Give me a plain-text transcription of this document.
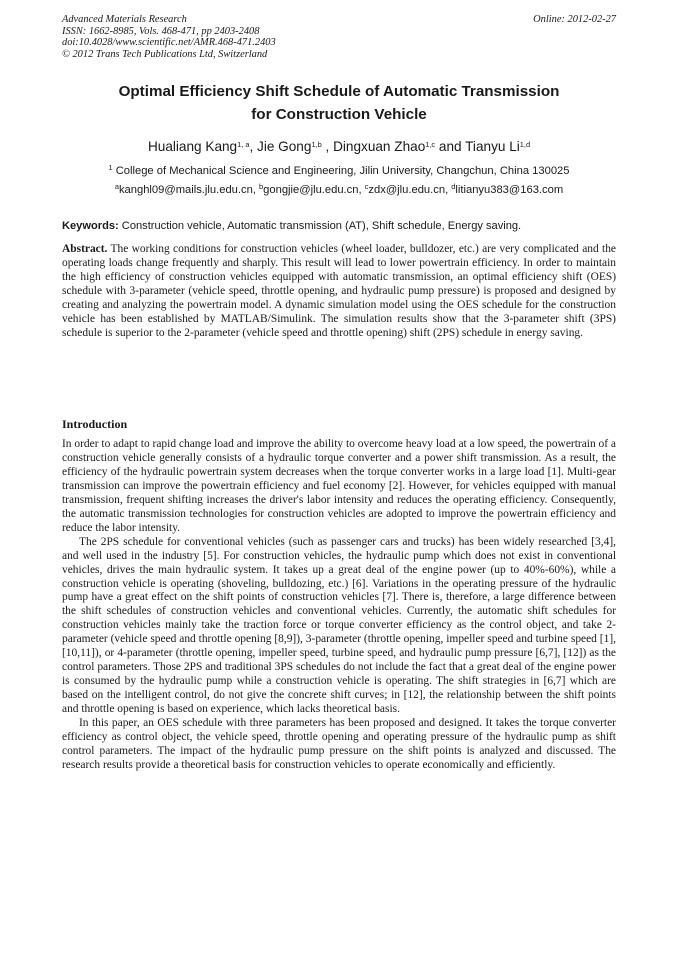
Advanced Materials Research
ISSN: 1662-8985, Vols. 468-471, pp 2403-2408
doi:10.4028/www.scientific.net/AMR.468-471.2403
© 2012 Trans Tech Publications Ltd, Switzerland
Online: 2012-02-27
Optimal Efficiency Shift Schedule of Automatic Transmission
for Construction Vehicle
Hualiang Kang$^{1, a}$, Jie Gong$^{1,b}$ , Dingxuan Zhao$^{1,c}$ and Tianyu Li$^{1,d}$
$^1$ College of Mechanical Science and Engineering, Jilin University, Changchun, China 130025
$^a$kanghl09@mails.jlu.edu.cn, $^b$gongjie@jlu.edu.cn, $^c$zdx@jlu.edu.cn, $^d$litianyu383@163.com
Keywords: Construction vehicle, Automatic transmission (AT), Shift schedule, Energy saving.
Abstract. The working conditions for construction vehicles (wheel loader, bulldozer, etc.) are very complicated and the operating loads change frequently and sharply. This result will lead to lower powertrain efficiency. In order to maintain the high efficiency of construction vehicles equipped with automatic transmission, an optimal efficiency shift (OES) schedule with 3-parameter (vehicle speed, throttle opening, and hydraulic pump pressure) is proposed and designed by creating and analyzing the powertrain model. A dynamic simulation model using the OES schedule for the construction vehicle has been established by MATLAB/Simulink. The simulation results show that the 3-parameter shift (3PS) schedule is superior to the 2-parameter (vehicle speed and throttle opening) shift (2PS) schedule in energy saving.
Introduction

In order to adapt to rapid change load and improve the ability to overcome heavy load at a low speed, the powertrain of a construction vehicle generally consists of a hydraulic torque converter and a power shift transmission. As a result, the efficiency of the hydraulic powertrain system decreases when the torque converter works in a large load [1]. Multi-gear transmission can improve the powertrain efficiency and fuel economy [2]. However, for vehicles equipped with manual transmission, frequent shifting increases the driver's labor intensity and reduces the operating efficiency. Consequently, the automatic transmission technologies for construction vehicles are adopted to improve the powertrain efficiency and reduce the labor intensity.

The 2PS schedule for conventional vehicles (such as passenger cars and trucks) has been widely researched [3,4], and well used in the industry [5]. For construction vehicles, the hydraulic pump which does not exist in conventional vehicles, drives the main hydraulic system. It takes up a great deal of the engine power (up to 40%-60%), while a construction vehicle is operating (shoveling, bulldozing, etc.) [6]. Variations in the operating pressure of the hydraulic pump have a great effect on the shift points of construction vehicles [7]. There is, therefore, a large difference between the shift schedules of construction vehicles and conventional vehicles. Currently, the automatic shift schedules for construction vehicles mainly take the traction force or torque converter efficiency as the control object, and take 2-parameter (vehicle speed and throttle opening [8,9]), 3-parameter (throttle opening, impeller speed and turbine speed [1], [10,11]), or 4-parameter (throttle opening, impeller speed, turbine speed, and hydraulic pump pressure [6,7], [12]) as the control parameters. Those 2PS and traditional 3PS schedules do not include the fact that a great deal of the engine power is consumed by the hydraulic pump while a construction vehicle is operating. The shift strategies in [6,7] which are based on the intelligent control, do not give the concrete shift curves; in [12], the relationship between the shift points and throttle opening is based on experience, which lacks theoretical basis.

In this paper, an OES schedule with three parameters has been proposed and designed. It takes the torque converter efficiency as control object, the vehicle speed, throttle opening and operating pressure of the hydraulic pump as shift control parameters. The impact of the hydraulic pump pressure on the shift points is analyzed and discussed. The research results provide a theoretical basis for construction vehicles to operate economically and efficiently.
